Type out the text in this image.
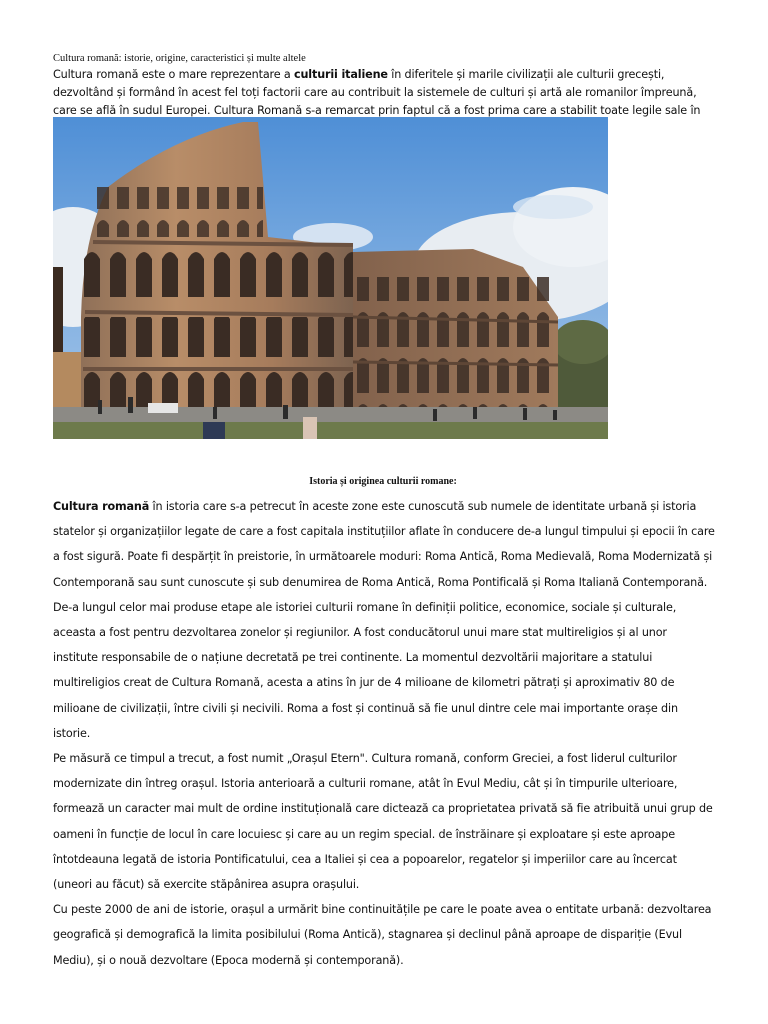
Cultura romană: istorie, origine, caracteristici și multe altele

Cultura romană este o mare reprezentare a culturii italiene în diferitele și marile civilizații ale culturii grecești, dezvoltând și formând în acest fel toți factorii care au contribuit la sistemele de culturi și artă ale romanilor împreună, care se află în sudul Europei. Cultura Romană s-a remarcat prin faptul că a fost prima care a stabilit toate legile sale în

Istoria și originea culturii romane:

Cultura romană în istoria care s-a petrecut în aceste zone este cunoscută sub numele de identitate urbană și istoria statelor și organizațiilor legate de care a fost capitala instituțiilor aflate în conducere de-a lungul timpului și epocii în care a fost sigură. Poate fi despărțit în preistorie, în următoarele moduri: Roma Antică, Roma Medievală, Roma Modernizată și Contemporană sau sunt cunoscute și sub denumirea de Roma Antică, Roma Pontificală și Roma Italiană Contemporană.

De-a lungul celor mai produse etape ale istoriei culturii romane în definiții politice, economice, sociale și culturale, aceasta a fost pentru dezvoltarea zonelor și regiunilor. A fost conducătorul unui mare stat multireligios și al unor institute responsabile de o națiune decretată pe trei continente. La momentul dezvoltării majoritare a statului multireligios creat de Cultura Romană, acesta a atins în jur de 4 milioane de kilometri pătrați și aproximativ 80 de milioane de civilizații, între civili și necivili. Roma a fost și continuă să fie unul dintre cele mai importante orașe din istorie.

Pe măsură ce timpul a trecut, a fost numit „Orașul Etern". Cultura romană, conform Greciei, a fost liderul culturilor modernizate din întreg orașul. Istoria anterioară a culturii romane, atât în Evul Mediu, cât și în timpurile ulterioare, formează un caracter mai mult de ordine instituțională care dictează ca proprietatea privată să fie atribuită unui grup de oameni în funcție de locul în care locuiesc și care au un regim special. de înstrăinare și exploatare și este aproape întotdeauna legată de istoria Pontificatului, cea a Italiei și cea a popoarelor, regatelor și imperiilor care au încercat (uneori au făcut) să exercite stăpânirea asupra orașului.

Cu peste 2000 de ani de istorie, orașul a urmărit bine continuitățile pe care le poate avea o entitate urbană: dezvoltarea geografică și demografică la limita posibilului (Roma Antică), stagnarea și declinul până aproape de dispariție (Evul Mediu), și o nouă dezvoltare (Epoca modernă și contemporană).
